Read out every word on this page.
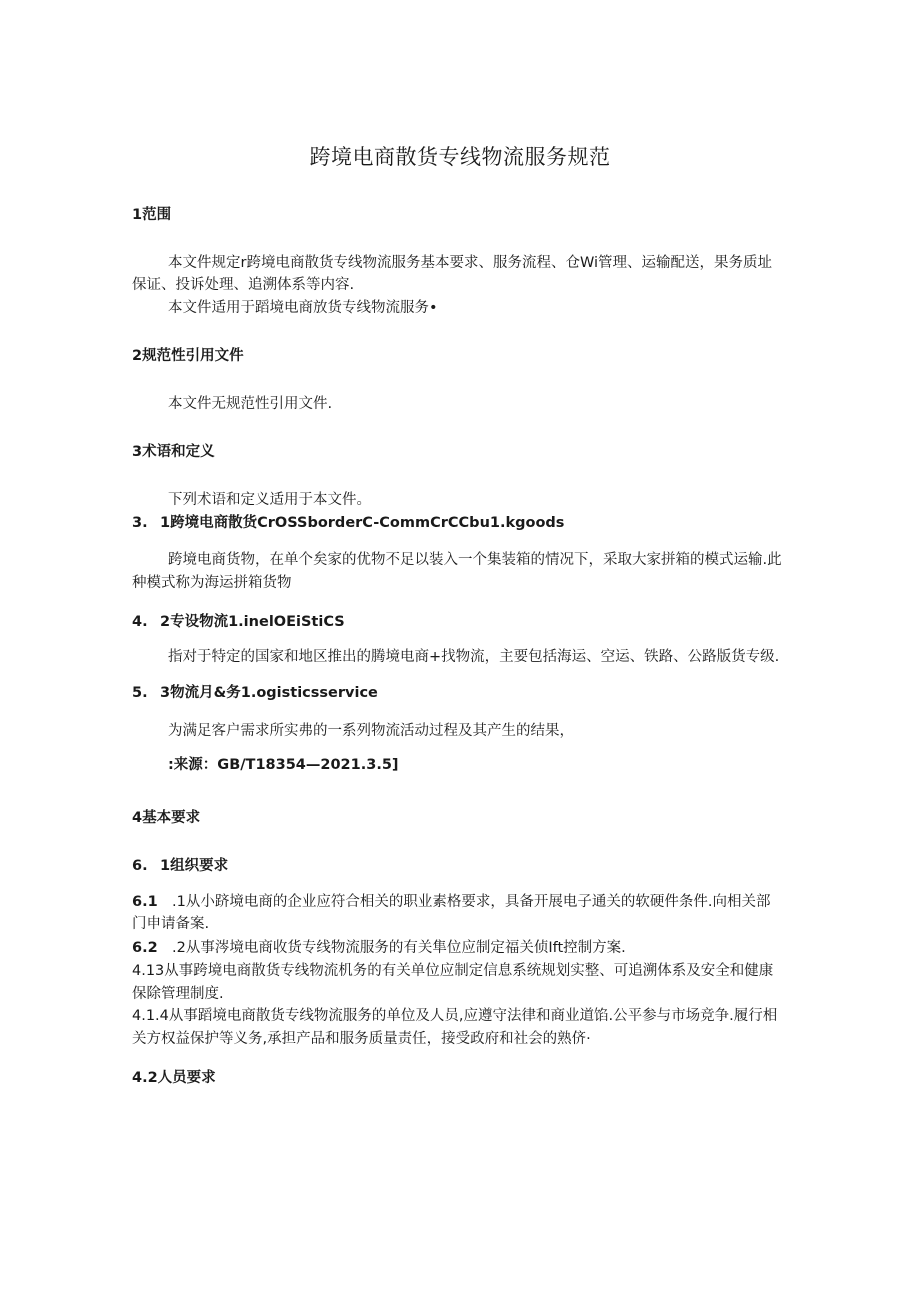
跨境电商散货专线物流服务规范
1范围
本文件规定r跨境电商散货专线物流服务基本要求、服务流程、仓Wi管理、运输配送，果务质址
保证、投诉处理、追溯体系等内容.
本文件适用于蹈境电商放货专线物流服务•
2规范性引用文件
本文件无规范性引用文件.
3术语和定义
下列术语和定义适用于本文件。
3. 1跨境电商散货CrOSSborderC-CommCrCCbu1.kgoods
跨境电商货物，在单个矣家的优物不足以装入一个集装箱的情况下，采取大家拼箱的模式运输.此
种模式称为海运拼箱货物
4. 2专设物流1.inelOEiStiCS
指对于特定的国家和地区推出的腾境电商+找物流，主要包括海运、空运、铁路、公路版货专级.
5. 3物流月&务1.ogisticsservice
为满足客户需求所实弗的一系列物流活动过程及其产生的结果，
:来源：GB/T18354—2021.3.5]
4基本要求
6. 1组织要求
6.1 .1从小跻境电商的企业应符合相关的职业素格要求，具备开展电子通关的软硬件条件.向相关部
门申请备案.
6.2 .2从事涔境电商收货专线物流服务的有关隼位应制定福关侦Ift控制方案.
4.13从事跨境电商散货专线物流机务的有关单位应制定信息系统规划实整、可追溯体系及安全和健康
保除管理制度.
4.1.4从事蹈境电商散货专线物流服务的单位及人员,应遵守法律和商业道馅.公平参与市场竞争.履行相
关方权益保护等义务,承担产品和服务质量责任，接受政府和社会的熟侪·
4.2人员要求
